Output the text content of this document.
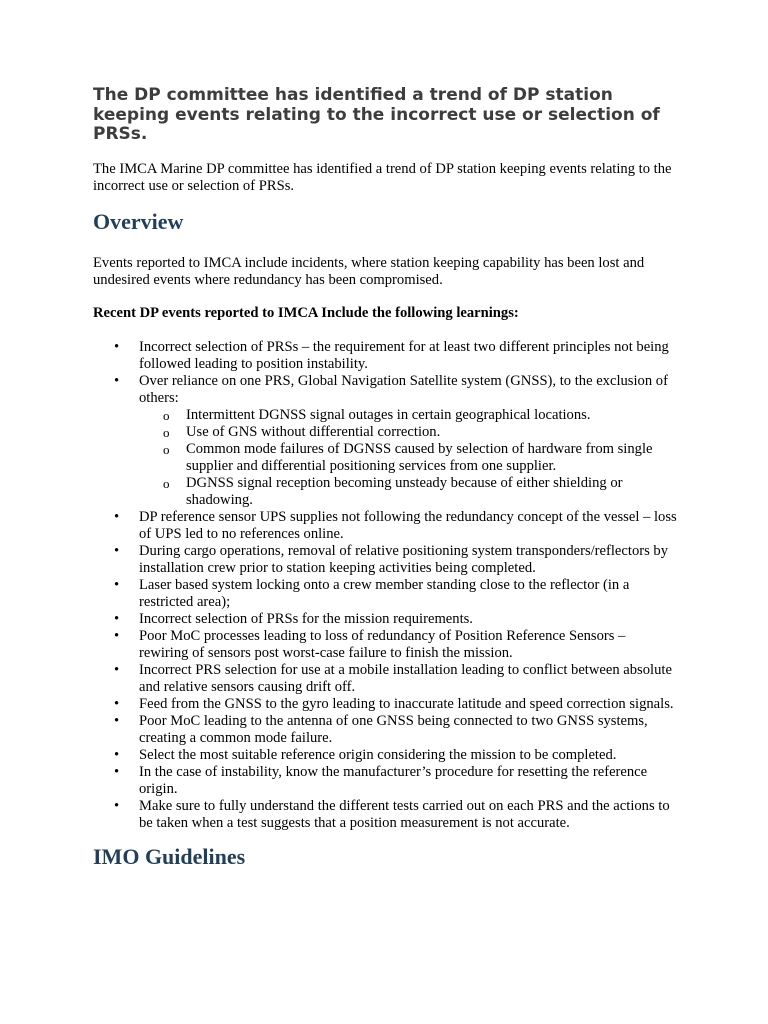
The DP committee has identified a trend of DP station keeping events relating to the incorrect use or selection of PRSs.

The IMCA Marine DP committee has identified a trend of DP station keeping events relating to the incorrect use or selection of PRSs.

Overview

Events reported to IMCA include incidents, where station keeping capability has been lost and undesired events where redundancy has been compromised.

Recent DP events reported to IMCA Include the following learnings:

• Incorrect selection of PRSs – the requirement for at least two different principles not being followed leading to position instability.
• Over reliance on one PRS, Global Navigation Satellite system (GNSS), to the exclusion of others:
o Intermittent DGNSS signal outages in certain geographical locations.
o Use of GNS without differential correction.
o Common mode failures of DGNSS caused by selection of hardware from single supplier and differential positioning services from one supplier.
o DGNSS signal reception becoming unsteady because of either shielding or shadowing.
• DP reference sensor UPS supplies not following the redundancy concept of the vessel – loss of UPS led to no references online.
• During cargo operations, removal of relative positioning system transponders/reflectors by installation crew prior to station keeping activities being completed.
• Laser based system locking onto a crew member standing close to the reflector (in a restricted area);
• Incorrect selection of PRSs for the mission requirements.
• Poor MoC processes leading to loss of redundancy of Position Reference Sensors – rewiring of sensors post worst-case failure to finish the mission.
• Incorrect PRS selection for use at a mobile installation leading to conflict between absolute and relative sensors causing drift off.
• Feed from the GNSS to the gyro leading to inaccurate latitude and speed correction signals.
• Poor MoC leading to the antenna of one GNSS being connected to two GNSS systems, creating a common mode failure.
• Select the most suitable reference origin considering the mission to be completed.
• In the case of instability, know the manufacturer’s procedure for resetting the reference origin.
• Make sure to fully understand the different tests carried out on each PRS and the actions to be taken when a test suggests that a position measurement is not accurate.
IMO Guidelines
